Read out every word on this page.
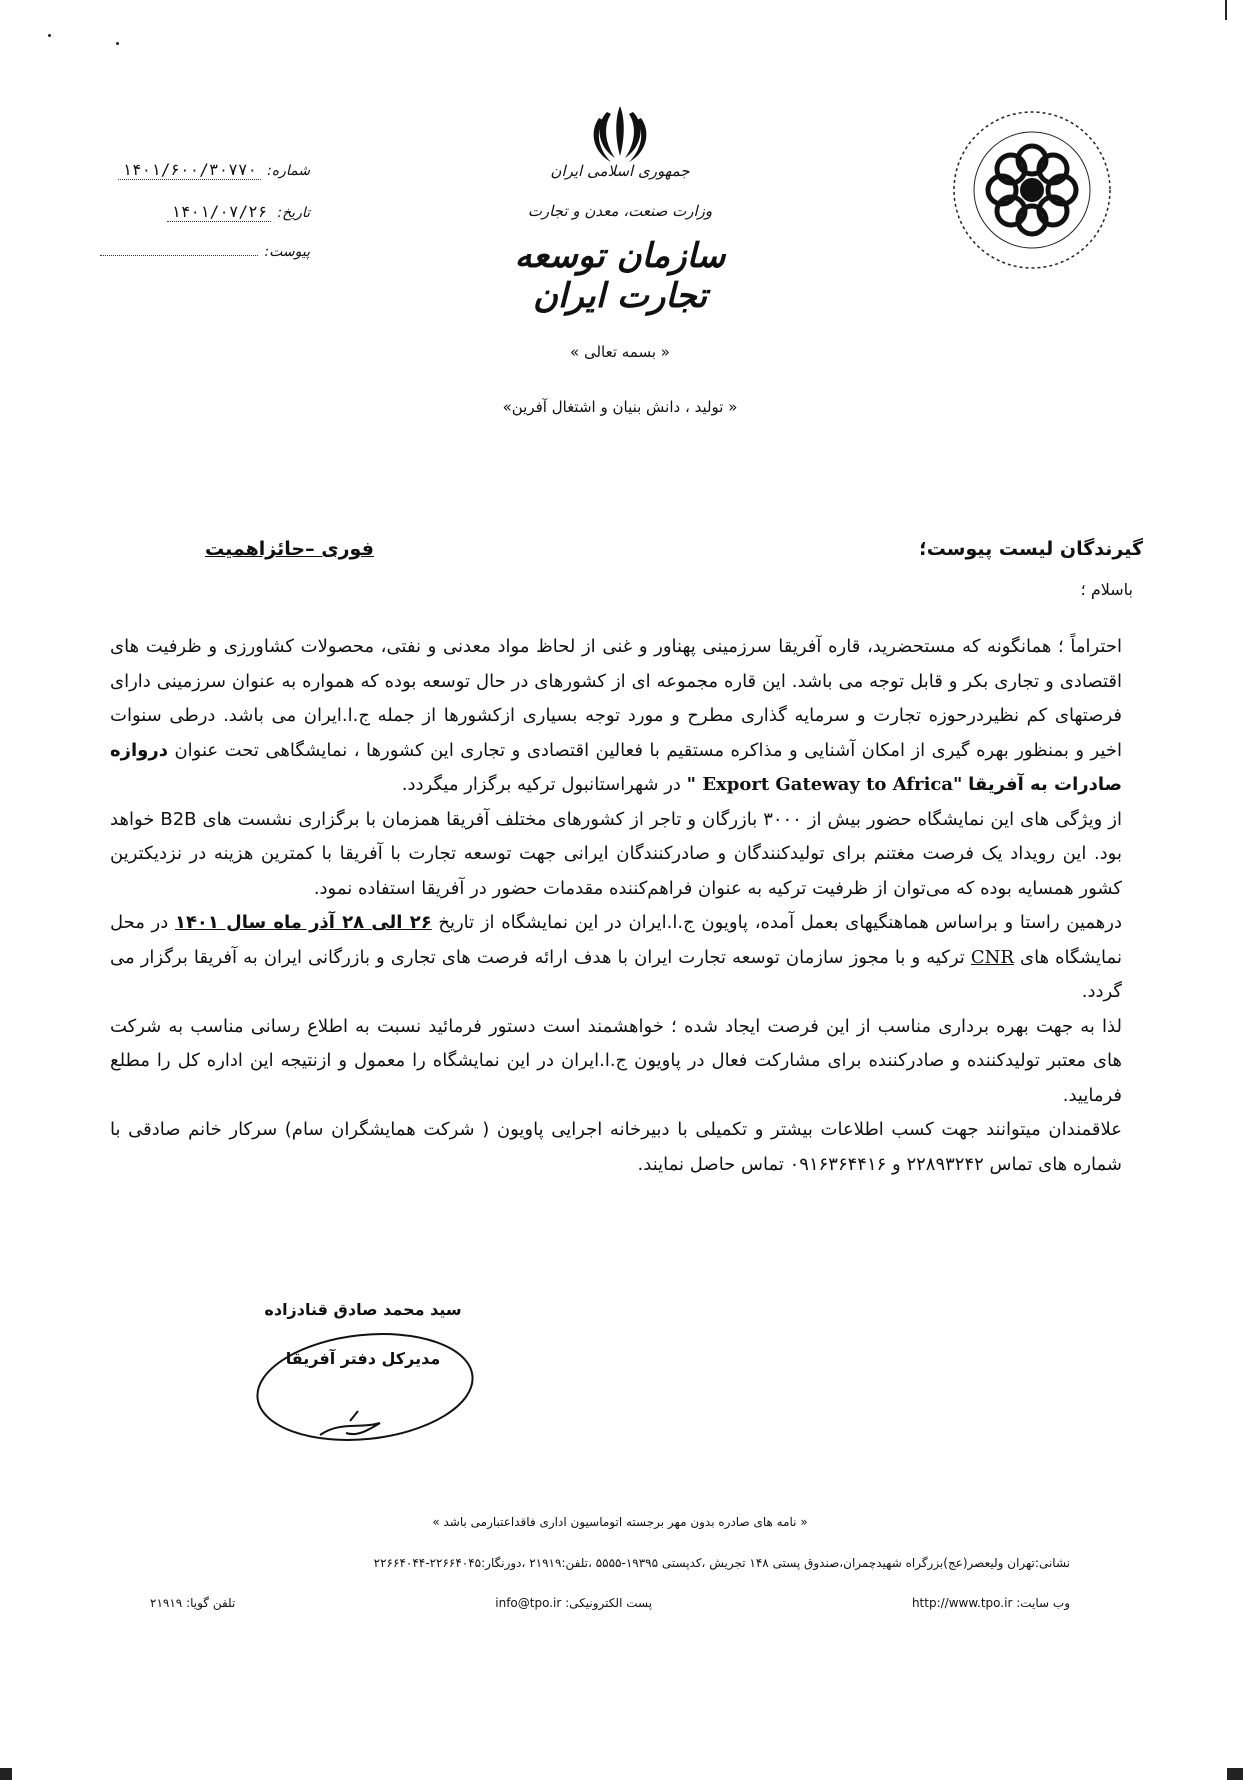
جمهوری اسلامی ایران
وزارت صنعت، معدن و تجارت
سازمان توسعه تجارت ایران
شماره:
۱۴۰۱/۶۰۰/۳۰۷۷۰
تاریخ:
۱۴۰۱/۰۷/۲۶
پیوست:
« بسمه تعالی »
« تولید ، دانش بنیان و اشتغال آفرین»
گیرندگان لیست پیوست؛
فوری –حائزاهمیت
باسلام ؛

احتراماً ؛ همانگونه که مستحضرید، قاره آفریقا سرزمینی پهناور و غنی از لحاظ مواد معدنی و نفتی، محصولات کشاورزی و ظرفیت های اقتصادی و تجاری بکر و قابل توجه می باشد. این قاره مجموعه ای از کشورهای در حال توسعه بوده که همواره به عنوان سرزمینی دارای فرصتهای کم نظیردرحوزه تجارت و سرمایه گذاری مطرح و مورد توجه بسیاری ازکشورها از جمله ج.ا.ایران می باشد. درطی سنوات اخیر و بمنظور بهره گیری از امکان آشنایی و مذاکره مستقیم با فعالین اقتصادی و تجاری این کشورها ، نمایشگاهی تحت عنوان دروازه صادرات به آفریقا " Export Gateway to Africa" در شهراستانبول ترکیه برگزار میگردد.

از ویژگی های این نمایشگاه حضور بیش از ۳۰۰۰ بازرگان و تاجر از کشورهای مختلف آفریقا همزمان با برگزاری نشست های B2B خواهد بود. این رویداد یک فرصت مغتنم برای تولیدکنندگان و صادرکنندگان ایرانی جهت توسعه تجارت با آفریقا با کمترین هزینه در نزدیکترین کشور همسایه بوده که می‌توان از ظرفیت ترکیه به عنوان فراهم‌کننده مقدمات حضور در آفریقا استفاده نمود.

درهمین راستا و براساس هماهنگیهای بعمل آمده، پاویون ج.ا.ایران در این نمایشگاه از تاریخ ۲۶ الی ۲۸ آذر ماه سال ۱۴۰۱ در محل نمایشگاه های CNR ترکیه و با مجوز سازمان توسعه تجارت ایران با هدف ارائه فرصت های تجاری و بازرگانی ایران به آفریقا برگزار می گردد.

لذا به جهت بهره برداری مناسب از این فرصت ایجاد شده ؛ خواهشمند است دستور فرمائید نسبت به اطلاع رسانی مناسب به شرکت های معتبر تولیدکننده و صادرکننده برای مشارکت فعال در پاویون ج.ا.ایران در این نمایشگاه را معمول و ازنتیجه این اداره کل را مطلع فرمایید.

علاقمندان میتوانند جهت کسب اطلاعات بیشتر و تکمیلی با دبیرخانه اجرایی پاویون ( شرکت همایشگران سام) سرکار خانم صادقی با شماره های تماس ۲۲۸۹۳۲۴۲ و ۰۹۱۶۳۶۴۴۱۶ تماس حاصل نمایند.

سید محمد صادق قنادزاده
مدیرکل دفتر آفریقا
« نامه های صادره بدون مهر برجسته اتوماسیون اداری فاقداعتبارمی باشد »
نشانی:تهران ولیعصر(عج)بزرگراه شهیدچمران،صندوق پستی ۱۴۸ تجریش ،کدپستی ۱۹۳۹۵-۵۵۵۵ ،تلفن:۲۱۹۱۹ ،دورنگار:۲۲۶۶۴۰۴۵-۲۲۶۶۴۰۴۴
وب سایت: http://www.tpo.ir
پست الکترونیکی: info@tpo.ir
تلفن گویا: ۲۱۹۱۹
